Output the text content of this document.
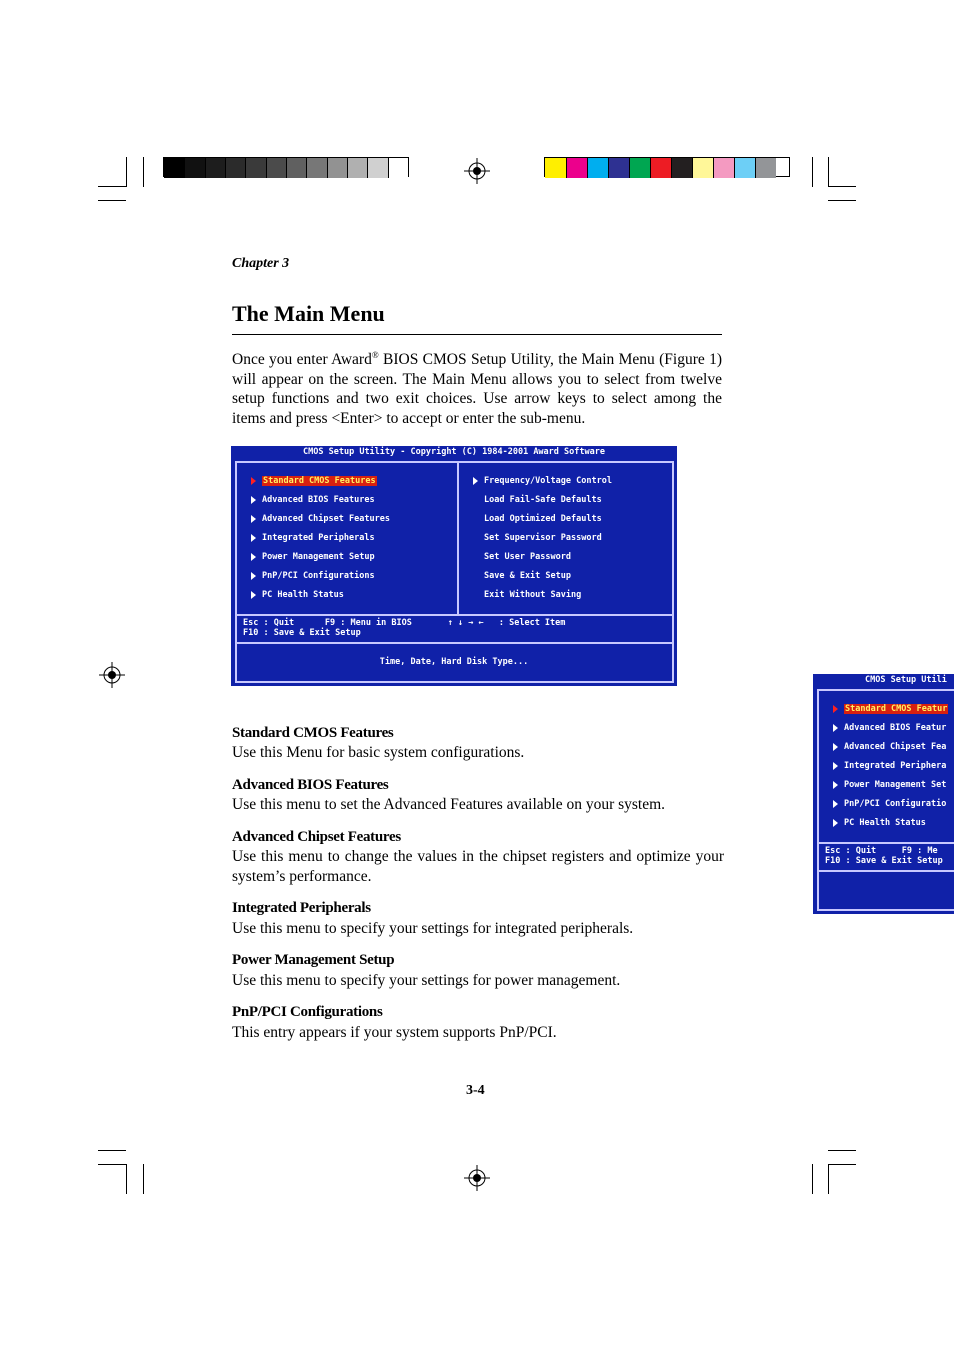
Chapter 3
The Main Menu
Once you enter Award® BIOS CMOS Setup Utility, the Main Menu (Figure 1) will appear on the screen. The Main Menu allows you to select from twelve setup functions and two exit choices. Use arrow keys to select among the items and press <Enter> to accept or enter the sub-menu.
CMOS Setup Utility - Copyright (C) 1984-2001 Award Software
Standard CMOS Features
Advanced BIOS Features
Advanced Chipset Features
Integrated Peripherals
Power Management Setup
PnP/PCI Configurations
PC Health Status
Frequency/Voltage Control
Load Fail-Safe Defaults
Load Optimized Defaults
Set Supervisor Password
Set User Password
Save & Exit Setup
Exit Without Saving
Esc : Quit      F9 : Menu in BIOS       ↑ ↓ → ←   : Select Item
F10 : Save & Exit Setup
Time, Date, Hard Disk Type...
CMOS Setup Utili
Standard CMOS Featur
Advanced BIOS Featur
Advanced Chipset Fea
Integrated Periphera
Power Management Set
PnP/PCI Configuratio
PC Health Status
Esc : Quit     F9 : Me
F10 : Save & Exit Setup
Standard CMOS Features
Use this Menu for basic system configurations.
Advanced BIOS Features
Use this menu to set the Advanced Features available on your system.
Advanced Chipset Features
Use this menu to change the values in the chipset registers and optimize your system’s performance.
Integrated Peripherals
Use this menu to specify your settings for integrated peripherals.
Power Management Setup
Use this menu to specify your settings for power management.
PnP/PCI Configurations
This entry appears if your system supports PnP/PCI.
3-4
